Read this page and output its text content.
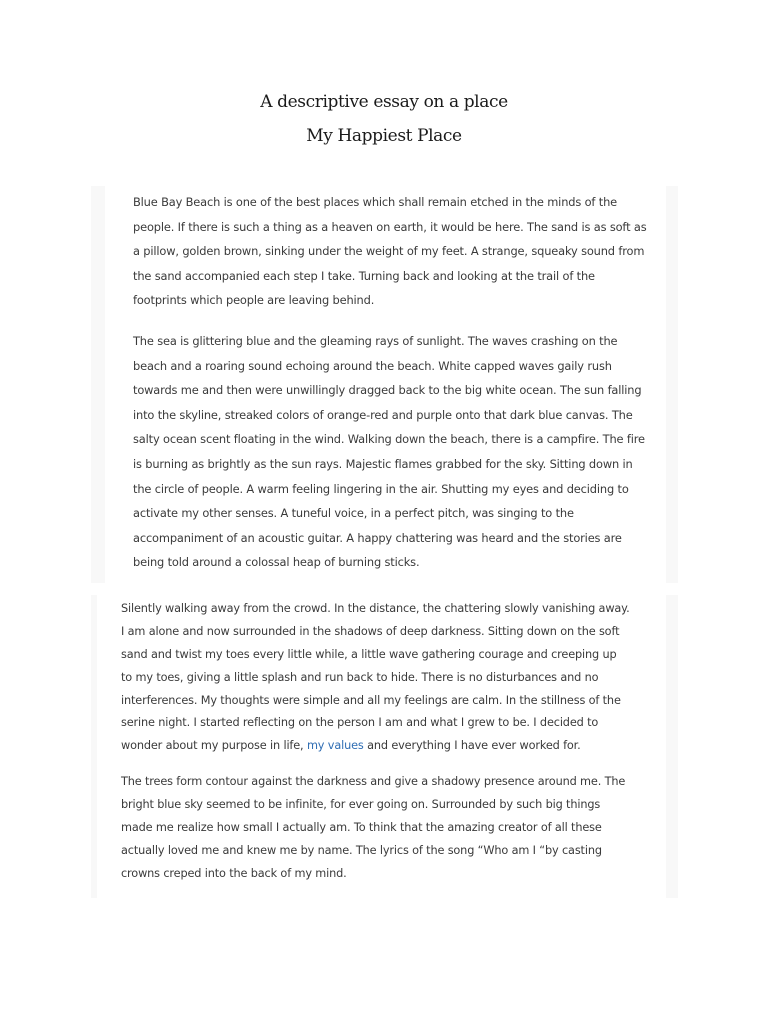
A descriptive essay on a place
My Happiest Place

Blue Bay Beach is one of the best places which shall remain etched in the minds of the
people. If there is such a thing as a heaven on earth, it would be here. The sand is as soft as
a pillow, golden brown, sinking under the weight of my feet. A strange, squeaky sound from
the sand accompanied each step I take. Turning back and looking at the trail of the
footprints which people are leaving behind.

The sea is glittering blue and the gleaming rays of sunlight. The waves crashing on the
beach and a roaring sound echoing around the beach. White capped waves gaily rush
towards me and then were unwillingly dragged back to the big white ocean. The sun falling
into the skyline, streaked colors of orange-red and purple onto that dark blue canvas. The
salty ocean scent floating in the wind. Walking down the beach, there is a campfire. The fire
is burning as brightly as the sun rays. Majestic flames grabbed for the sky. Sitting down in
the circle of people. A warm feeling lingering in the air. Shutting my eyes and deciding to
activate my other senses. A tuneful voice, in a perfect pitch, was singing to the
accompaniment of an acoustic guitar. A happy chattering was heard and the stories are
being told around a colossal heap of burning sticks.

Silently walking away from the crowd. In the distance, the chattering slowly vanishing away.
I am alone and now surrounded in the shadows of deep darkness. Sitting down on the soft
sand and twist my toes every little while, a little wave gathering courage and creeping up
to my toes, giving a little splash and run back to hide. There is no disturbances and no
interferences. My thoughts were simple and all my feelings are calm. In the stillness of the
serine night. I started reflecting on the person I am and what I grew to be. I decided to
wonder about my purpose in life, my values and everything I have ever worked for.

The trees form contour against the darkness and give a shadowy presence around me. The
bright blue sky seemed to be infinite, for ever going on. Surrounded by such big things
made me realize how small I actually am. To think that the amazing creator of all these
actually loved me and knew me by name. The lyrics of the song “Who am I “by casting
crowns creped into the back of my mind.
